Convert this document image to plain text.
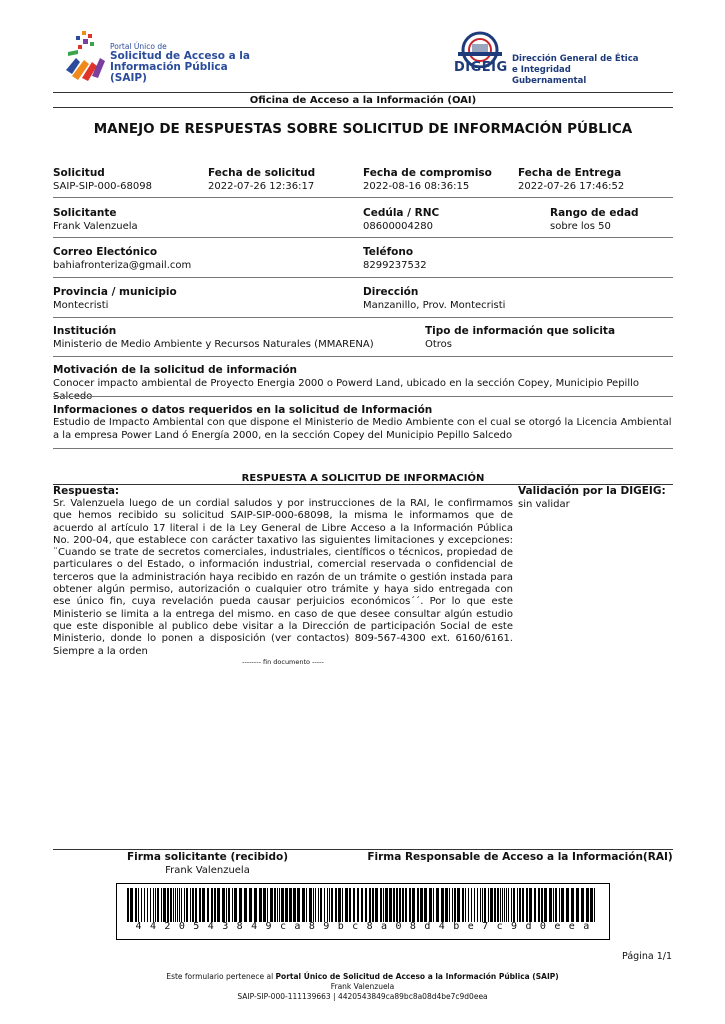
Portal Único de
Solicitud de Acceso a la
Información Pública (SAIP)
DIGEIG
Dirección General de Ética
e Integridad Gubernamental
Oficina de Acceso a la Información (OAI)
MANEJO DE RESPUESTAS SOBRE SOLICITUD DE INFORMACIÓN PÚBLICA
Solicitud
SAIP-SIP-000-68098
Fecha de solicitud
2022-07-26 12:36:17
Fecha de compromiso
2022-08-16 08:36:15
Fecha de Entrega
2022-07-26 17:46:52
Solicitante
Frank Valenzuela
Cedúla / RNC
08600004280
Rango de edad
sobre los 50
Correo Electónico
bahiafronteriza@gmail.com
Teléfono
8299237532
Provincia / municipio
Montecristi
Dirección
Manzanillo, Prov. Montecristi
Institución
Ministerio de Medio Ambiente y Recursos Naturales (MMARENA)
Tipo de información que solicita
Otros
Motivación de la solicitud de información
Conocer impacto ambiental de Proyecto Energia 2000 o Powerd Land, ubicado en la sección Copey, Municipio Pepillo
Informaciones o datos requeridos en la solicitud de Información
Estudio de Impacto Ambiental con que dispone el Ministerio de Medio Ambiente con el cual se otorgó la Licencia Ambiental a la empresa Power Land ó Energía 2000, en la sección Copey del Municipio Pepillo Salcedo
RESPUESTA A SOLICITUD DE INFORMACIÓN
Respuesta:
Sr. Valenzuela luego de un cordial saludos y por instrucciones de la RAI, le confirmamos que hemos recibido su solicitud SAIP-SIP-000-68098, la misma le informamos que de acuerdo al artículo 17 literal i de la Ley General de Libre Acceso a la Información Pública No. 200-04, que establece con carácter taxativo las siguientes limitaciones y excepciones: ¨Cuando se trate de secretos comerciales, industriales, científicos o técnicos, propiedad de particulares o del Estado, o información industrial, comercial reservada o confidencial de terceros que la administración haya recibido en razón de un trámite o gestión instada para obtener algún permiso, autorización o cualquier otro trámite y haya sido entregada con ese único fin, cuya revelación pueda causar perjuicios económicos´´. Por lo que este Ministerio se limita a la entrega del mismo. en caso de que desee consultar algún estudio que este disponible al publico debe visitar a la Dirección de participación Social de este Ministerio, donde lo ponen a disposición (ver contactos) 809-567-4300 ext. 6160/6161. Siempre a la orden
-------- fin documento -----
Validación por la DIGEIG:
sin validar
Firma solicitante (recibido)
Frank Valenzuela
Firma Responsable de Acceso a la Información(RAI)
4 4 2 0 5 4 3 8 4 9 c a 8 9 b c 8 a 0 8 d 4 b e 7 c 9 d 0 e e a
Página 1/1
Este formulario pertenece al Portal Único de Solicitud de Acceso a la Información Pública (SAIP)
Frank Valenzuela
SAIP-SIP-000-111139663 | 4420543849ca89bc8a08d4be7c9d0eea
